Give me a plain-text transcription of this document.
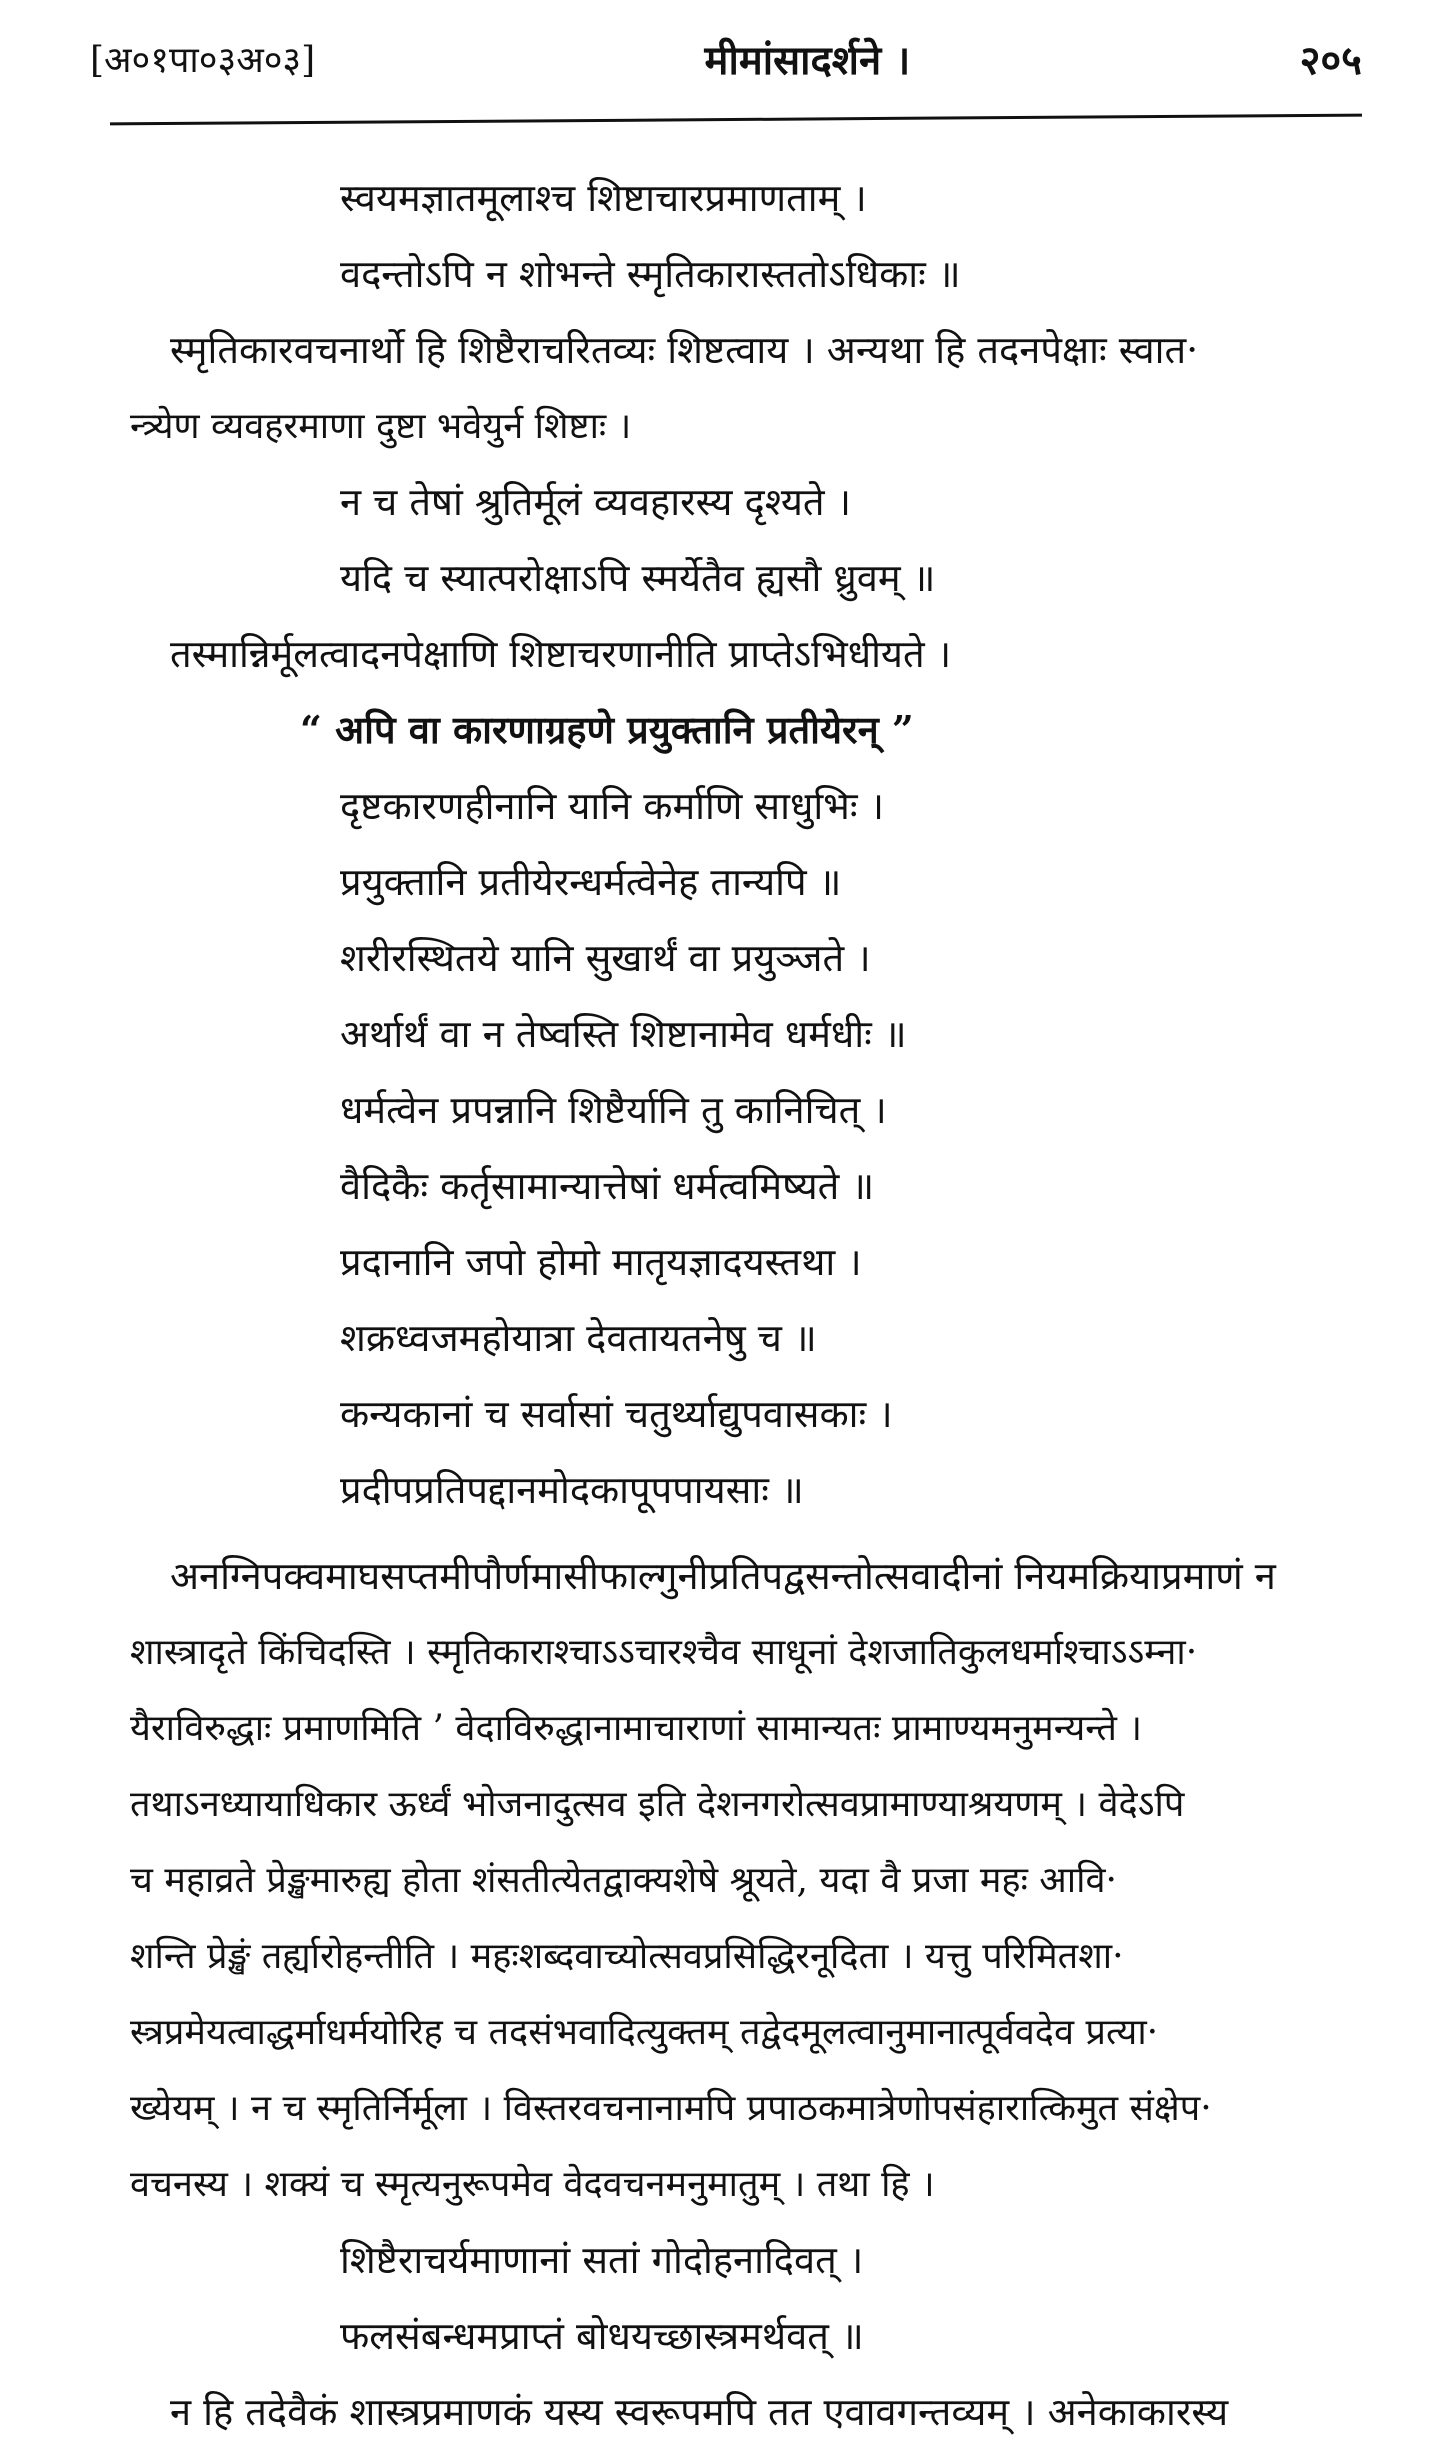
[अ०१पा०३अ०३]	मीमांसादर्शने ।	२०५
स्वयमज्ञातमूलाश्च शिष्टाचारप्रमाणताम् ।
वदन्तोऽपि न शोभन्ते स्मृतिकारास्ततोऽधिकाः ॥
स्मृतिकारवचनार्थो हि शिष्टैराचरितव्यः शिष्टत्वाय । अन्यथा हि तदनपेक्षाः स्वात·
न्त्र्येण व्यवहरमाणा दुष्टा भवेयुर्न शिष्टाः ।
न च तेषां श्रुतिर्मूलं व्यवहारस्य दृश्यते ।
यदि च स्यात्परोक्षाऽपि स्मर्येतैव ह्यसौ ध्रुवम् ॥
तस्मान्निर्मूलत्वादनपेक्षाणि शिष्टाचरणानीति प्राप्तेऽभिधीयते ।
“ अपि वा कारणाग्रहणे प्रयुक्तानि प्रतीयेरन् ”
दृष्टकारणहीनानि यानि कर्माणि साधुभिः ।
प्रयुक्तानि प्रतीयेरन्धर्मत्वेनेह तान्यपि ॥
शरीरस्थितये यानि सुखार्थं वा प्रयुञ्जते ।
अर्थार्थं वा न तेष्वस्ति शिष्टानामेव धर्मधीः ॥
धर्मत्वेन प्रपन्नानि शिष्टैर्यानि तु कानिचित् ।
वैदिकैः कर्तृसामान्यात्तेषां धर्मत्वमिष्यते ॥
प्रदानानि जपो होमो मातृयज्ञादयस्तथा ।
शक्रध्वजमहोयात्रा देवतायतनेषु च ॥
कन्यकानां च सर्वासां चतुर्थ्याद्युपवासकाः ।
प्रदीपप्रतिपद्दानमोदकापूपपायसाः ॥
अनग्निपक्वमाघसप्तमीपौर्णमासीफाल्गुनीप्रतिपद्वसन्तोत्सवादीनां नियमक्रियाप्रमाणं न
शास्त्रादृते किंचिदस्ति । स्मृतिकाराश्चाऽऽचारश्चैव साधूनां देशजातिकुलधर्माश्चाऽऽम्ना·
यैराविरुद्धाः प्रमाणमिति ’ वेदाविरुद्धानामाचाराणां सामान्यतः प्रामाण्यमनुमन्यन्ते ।
तथाऽनध्यायाधिकार ऊर्ध्वं भोजनादुत्सव इति देशनगरोत्सवप्रामाण्याश्रयणम् । वेदेऽपि
च महाव्रते प्रेङ्खमारुह्य होता शंसतीत्येतद्वाक्यशेषे श्रूयते, यदा वै प्रजा महः आवि·
शन्ति प्रेङ्खं तर्ह्यारोहन्तीति । महःशब्दवाच्योत्सवप्रसिद्धिरनूदिता । यत्तु परिमितशा·
स्त्रप्रमेयत्वाद्धर्माधर्मयोरिह च तदसंभवादित्युक्तम् तद्वेदमूलत्वानुमानात्पूर्ववदेव प्रत्या·
ख्येयम् । न च स्मृतिर्निर्मूला । विस्तरवचनानामपि प्रपाठकमात्रेणोपसंहारात्किमुत संक्षेप·
वचनस्य । शक्यं च स्मृत्यनुरूपमेव वेदवचनमनुमातुम् । तथा हि ।
शिष्टैराचर्यमाणानां सतां गोदोहनादिवत् ।
फलसंबन्धमप्राप्तं बोधयच्छास्त्रमर्थवत् ॥
न हि तदेवैकं शास्त्रप्रमाणकं यस्य स्वरूपमपि तत एवावगन्तव्यम् । अनेकाकारस्य
